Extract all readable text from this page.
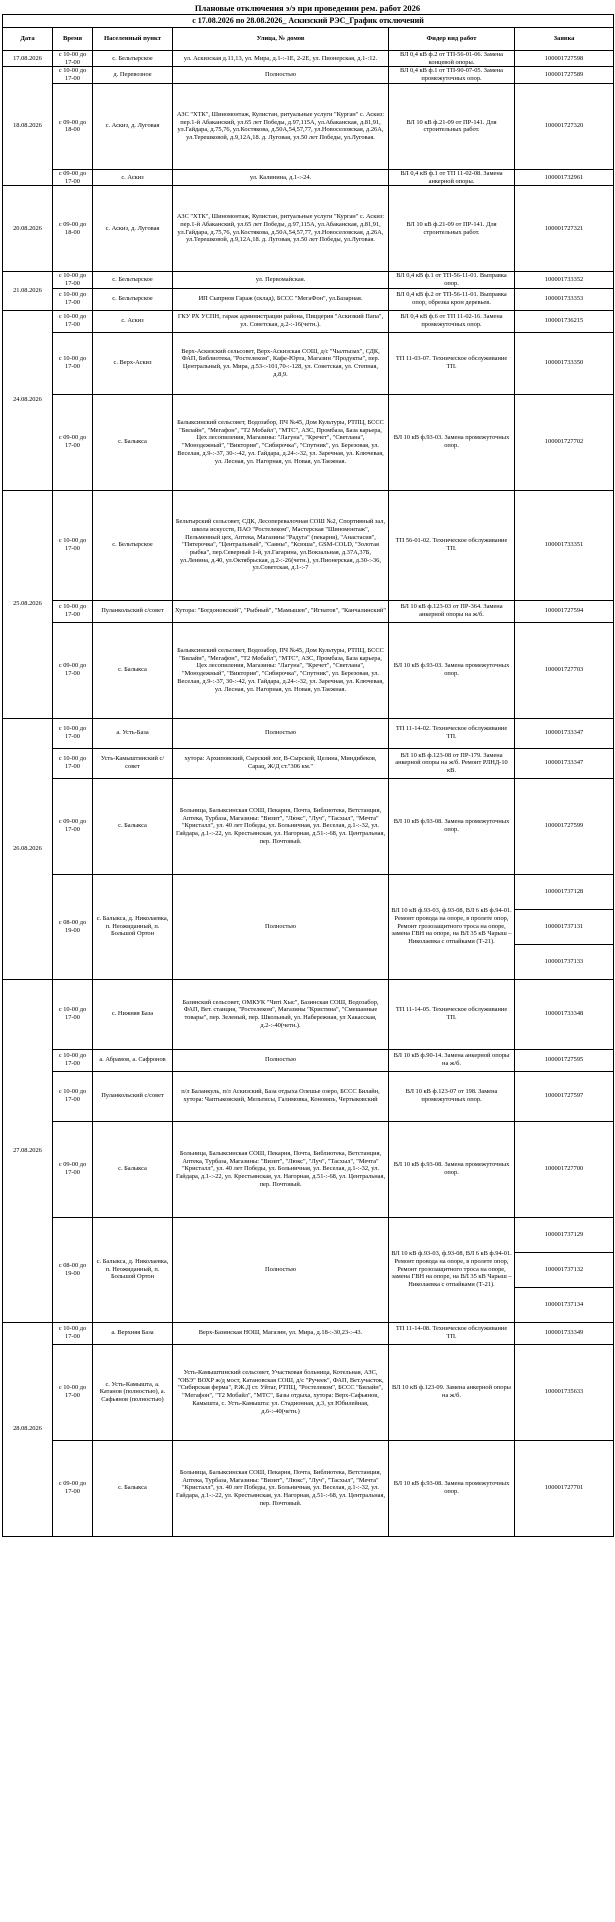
Плановые отключения э/э при проведении рем. работ 2026
с 17.08.2026 по 28.08.2026_ Аскизский РЭС_График отключений					
Дата	Время	Населенный пункт	Улица, № домов	Фидер вид работ	Заявка
17.08.2026	с 10-00 до 17-00	с. Бельтырское	ул. Аскизская д.11,13, ул. Мира, д.1-:-1Е, 2-2Е, ул. Пионерская, д.1-:12.	ВЛ 0,4 кВ ф.2 от ТП-56-01-06. Замена концевой опоры.	100001727598
18.08.2026	с 10-00 до 17-00	д. Перевозное	Полностью	ВЛ 0,4 кВ ф.1 от ТП-90-07-05. Замена промежуточных опор.	100001727589
	с 09-00 до 18-00	с. Аскиз, д. Луговая	АЗС "ХТК", Шиномонтаж, Кулистан, ритуальные услуги "Курган" с. Аскиз: пер.1-й Абаканский, ул.65 лет Победы, д.97,115А, ул.Абаканская, д.81,91, ул.Гайдара, д.75,76, ул.Костякова, д.50А,54,57,77, ул.Новоселовская, д.26А, ул.Терешковой, д.9,12А,18. д. Луговая, ул.50 лет Победы, ул.Луговая.	ВЛ 10 кВ ф.21-09 от ПР-141. Для строительных работ.	100001727320
	с 09-00 до 17-00	с. Аскиз	ул. Калинина, д.1-:-24.	ВЛ 0,4 кВ ф.1 от ТП 11-02-08. Замена анкерной опоры.	100001732961
20.08.2026	с 09-00 до 18-00	с. Аскиз, д. Луговая	АЗС "ХТК", Шиномонтаж, Кулистан, ритуальные услуги "Курган" с. Аскиз: пер.1-й Абаканский, ул.65 лет Победы, д.97,115А, ул.Абаканская, д.81,91, ул.Гайдара, д.75,76, ул.Костякова, д.50А,54,57,77, ул.Новоселовская, д.26А, ул.Терешковой, д.9,12А,18. д. Луговая, ул.50 лет Победы, ул.Луговая.	ВЛ 10 кВ ф.21-09 от ПР-141. Для строительных работ.	100001727321
21.08.2026	с 10-00 до 17-00	с. Бельтырское	ул. Первомайская.	ВЛ 0,4 кВ ф.1 от ТП-56-11-01. Выправка опор.	100001733352
	с 10-00 до 17-00	с. Бельтырское	ИП Сыпрнов Гараж (склад), БССС "МегаФон", ул.Базарная.	ВЛ 0,4 кВ ф.2 от ТП-56-11-01. Выправка опор, обрезка крон деревьев.	100001733353
24.08.2026	с 10-00 до 17-00	с. Аскиз	ГКУ РХ УСПН, гараж администрации района, Пиццерия "Аскизкий Папа", ул. Советская, д.2-:-16(четн.).	ВЛ 0,4 кВ ф.6 от ТП 11-02-16. Замена промежуточных опор.	100001736215
	с 10-00 до 17-00	с. Верх-Аскиз	Верх-Аскизский сельсовет, Верх-Аскизская СОШ, д/с "Чылтызах", СДК, ФАП, Библиотека, "Ростелеком", Кафе-Юрта, Магазин "Продукты", пер. Центральный, ул. Мира, д.53-:-101,70-:-128, ул. Советская, ул. Степная, д.8,9.	ТП 11-03-07. Техническое обслуживание ТП.	100001733350
	с 09-00 до 17-00	с. Балыкса	Балыксинский сельсовет, Водозабор, ПЧ №45, Дом Культуры, РТПЦ, БССС "Билайн", "Мегафон", "Т2 Мобайл", "МТС", АЗС, Промбаза, База карьера, Цех лесопиления, Магазины: "Лагуна", "Кречет", "Светлана", "Монодежный", "Виктория", "Сибирочка", "Спутник", ул. Березовая, ул. Веселая, д.9-:-37, 30-:-42, ул. Гайдара, д.24-:-32, ул. Заречная, ул. Ключевая, ул. Лесная, ул. Нагорная, ул. Новая, ул.Таежная.	ВЛ 10 кВ ф.93-03. Замена промежуточных опор.	100001727702
25.08.2026	с 10-00 до 17-00	с. Бельтырское	Бельтырский сельсовет, СДК, Лесоперевалочная СОШ №2, Спортивный зал, школа искусств, ПАО "Ростелеком", Мастерская "Шиномонтаж", Пельменный цех, Аптека, Магазины "Радуга" (пекарня), "Анастасия", "Пятерочка", "Центральный", "Саяны", "Ксюша", GSM-COLD, "Золотая рыбка", пер.Северный 1-й, ул.Гагарина, ул.Вокзальная, д.37А,37Б, ул.Ленина, д.40, ул.Октябрьская, д.2-:-26(четн.), ул.Пионерская, д.30-:-36, ул.Советская, д.1-:-7	ТП 56-01-02. Техническое обслуживание ТП.	100001733351
	с 10-00 до 17-00	Пуланкольский с/совет	Хутора: "Богдоновский", "Рыбный", "Мамышев", "Игнатов", "Канчалинский"	ВЛ 10 кВ ф.123-03 от ПР-364. Замена анкерной опоры на ж/б.	100001727594
	с 09-00 до 17-00	с. Балыкса	Балыксинский сельсовет, Водозабор, ПЧ №45, Дом Культуры, РТПЦ, БССС "Билайн", "Мегафон", "Т2 Мобайл", "МТС", АЗС, Промбаза, База карьера, Цех лесопиления, Магазины: "Лагуна", "Кречет", "Светлана", "Монодежный", "Виктория", "Сибирочка", "Спутник", ул. Березовая, ул. Веселая, д.9-:-37, 30-:-42, ул. Гайдара, д.24-:-32, ул. Заречная, ул. Ключевая, ул. Лесная, ул. Нагорная, ул. Новая, ул.Таежная.	ВЛ 10 кВ ф.93-03. Замена промежуточных опор.	100001727703
26.08.2026	с 10-00 до 17-00	а. Усть-База	Полностью	ТП 11-14-02. Техническое обслуживание ТП.	100001733347
	с 10-00 до 17-00	Усть-Камыштинский с/совет	хутора: Архиповский, Сырский лог, В-Сырской, Целина, Миндибеков, Сарац, Ж/Д ст."306 км."	ВЛ 10 кВ ф.123-08 от ПР-179. Замена анкерной опоры на ж/б. Ремонт РЛНД-10 кВ.	100001733347
	с 09-00 до 17-00	с. Балыкса	Больница, Балыксинская СОШ, Пекарня, Почта, Библиотека, Ветстанция, Аптека, Турбаза, Магазины: "Визит", "Люкс", "Луч", "Тасхыл", "Мечта" "Кристалл", ул. 40 лет Победы, ул. Больничная, ул. Веселая, д.1-:-32, ул. Гайдара, д.1-:-22, ул. Крестьянская, ул. Нагорная, д.51-:-68, ул. Центральная, пер. Почтовый.	ВЛ 10 кВ ф.93-08. Замена промежуточных опор.	100001727599
	с 08-00 до 19-00	с. Балыкса, д. Николаевка, п. Неожиданный, п. Большой Ортон	Полностью	ВЛ 10 кВ ф.93-03, ф.93-08, ВЛ 6 кВ ф.94-01. Ремонт провода на опоре, в пролете опор, Ремонт грозозащитного троса на опоре, замена ГВН на опоре, на ВЛ 35 кВ Чарыш – Николаевка с отпайками (Т-21).	100001737128
					100001737131
					100001737133
27.08.2026	с 10-00 до 17-00	с. Нижняя База	Базинский сельсовет, ОМКУК "Читі Хыс", Базинская СОШ, Водозабор, ФАП, Вет. станция, "Ростелеком", Магазины "Кристина", "Смешанные товары", пер. Зеленый, пер. Школьный, ул. Набережная, ул Хакасская, д.2-:-40(четн.).	ТП 11-14-05. Техническое обслуживание ТП.	100001733348
	с 10-00 до 17-00	а. Абрамов, а. Сафронов	Полностью	ВЛ 10 кВ ф.90-14. Замена анкерной опоры на ж/б.	100001727595
	с 10-00 до 17-00	Пуланкольский с/совет	п/л Баланкуль, п/л Аскизский, База отдыха Олешье озеро, БССС Билайн, хутора: Чаптыковский, Мельтисы, Галимовка, Коновязь, Чертыковский	ВЛ 10 кВ ф.123-07 от 198. Замена промежуточных опор.	100001727597
	с 09-00 до 17-00	с. Балыкса	Больница, Балыксинская СОШ, Пекарня, Почта, Библиотека, Ветстанция, Аптека, Турбаза, Магазины: "Визит", "Люкс", "Луч", "Тасхыл", "Мечта" "Кристалл", ул. 40 лет Победы, ул. Больничная, ул. Веселая, д.1-:-32, ул. Гайдара, д.1-:-22, ул. Крестьянская, ул. Нагорная, д.51-:-68, ул. Центральная, пер. Почтовый.	ВЛ 10 кВ ф.93-08. Замена промежуточных опор.	100001727700
	с 08-00 до 19-00	с. Балыкса, д. Николаевка, п. Неожиданный, п. Большой Ортон	Полностью	ВЛ 10 кВ ф.93-03, ф.93-08, ВЛ 6 кВ ф.94-01. Ремонт провода на опоре, в пролете опор, Ремонт грозозащитного троса на опоре, замена ГВН на опоре, на ВЛ 35 кВ Чарыш – Николаевка с отпайками (Т-21).	100001737129
					100001737132
					100001737134
28.08.2026	с 10-00 до 17-00	а. Верхняя База	Верх-Базинская НОШ, Магазин, ул. Мира, д.18-:-30,23-:-43.	ТП 11-14-08. Техническое обслуживание ТП.	100001733349
	с 10-00 до 17-00	с. Усть-Камышта, а. Катанов (полностью), а. Сафьянов (полностью)	Усть-Камыштинский сельсовет, Участковая больница, Котельная, АЗС, "ОВЭ" ВОХР ж/д мост, Катановская СОШ, д/с "Ручеек", ФАП, Вет.участок, "Сибирская ферма", Р.Ж.Д ст. Уйтаг, РТПЦ, "Ростелеком", БССС "Билайн", "Мегафон", "Т2 Мобайл", "МТС", Базы отдыха, хутора: Верх-Сафьянов, Камышта, с. Усть-Камышта: ул. Стадионная, д.3, ул Юбилейная, д.6-:-40(четн.)	ВЛ 10 кВ ф.123-09. Замена анкерной опоры на ж/б.	100001735633
	с 09-00 до 17-00	с. Балыкса	Больница, Балыксинская СОШ, Пекарня, Почта, Библиотека, Ветстанция, Аптека, Турбаза, Магазины: "Визит", "Люкс", "Луч", "Тасхыл", "Мечта" "Кристалл", ул. 40 лет Победы, ул. Больничная, ул. Веселая, д.1-:-32, ул. Гайдара, д.1-:-22, ул. Крестьянская, ул. Нагорная, д.51-:-68, ул. Центральная, пер. Почтовый.	ВЛ 10 кВ ф.93-08. Замена промежуточных опор.	100001727701
